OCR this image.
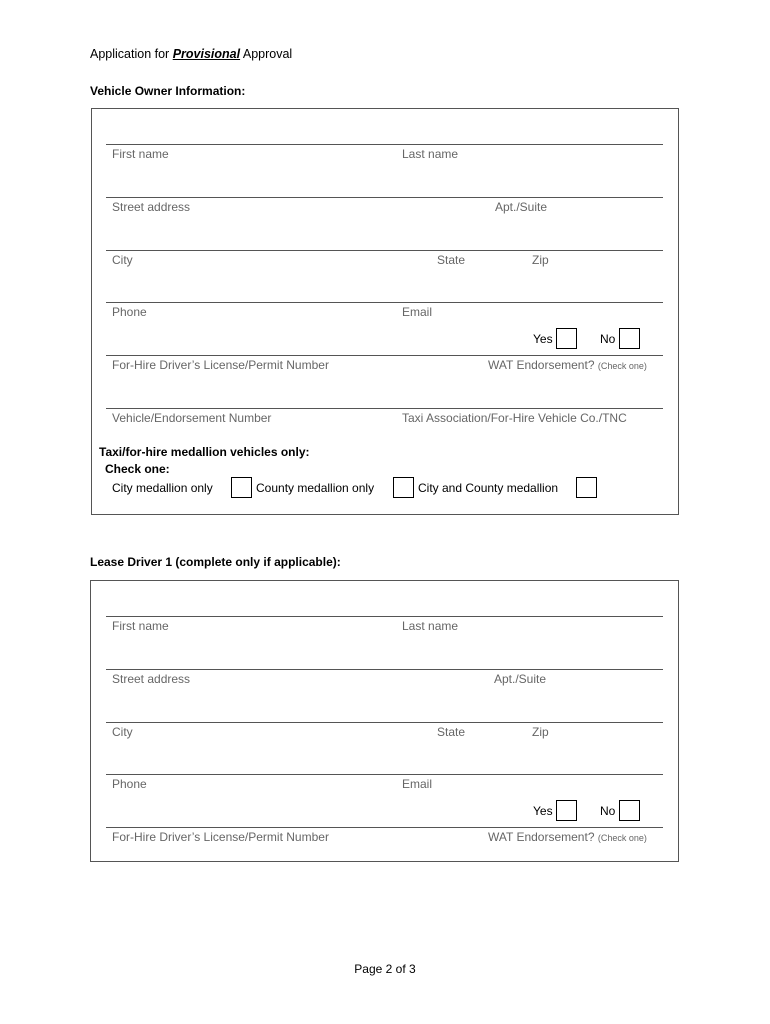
Application for Provisional Approval
Vehicle Owner Information:
First name	Last name
Street address	Apt./Suite
City	State	Zip
Phone	Email
Yes	No
For-Hire Driver’s License/Permit Number	WAT Endorsement? (Check one)
Vehicle/Endorsement Number	Taxi Association/For-Hire Vehicle Co./TNC
Taxi/for-hire medallion vehicles only:
Check one:
City medallion only	County medallion only	City and County medallion
Lease Driver 1 (complete only if applicable):
First name	Last name
Street address	Apt./Suite
City	State	Zip
Phone	Email
Yes	No
For-Hire Driver’s License/Permit Number	WAT Endorsement? (Check one)
Page 2 of 3
